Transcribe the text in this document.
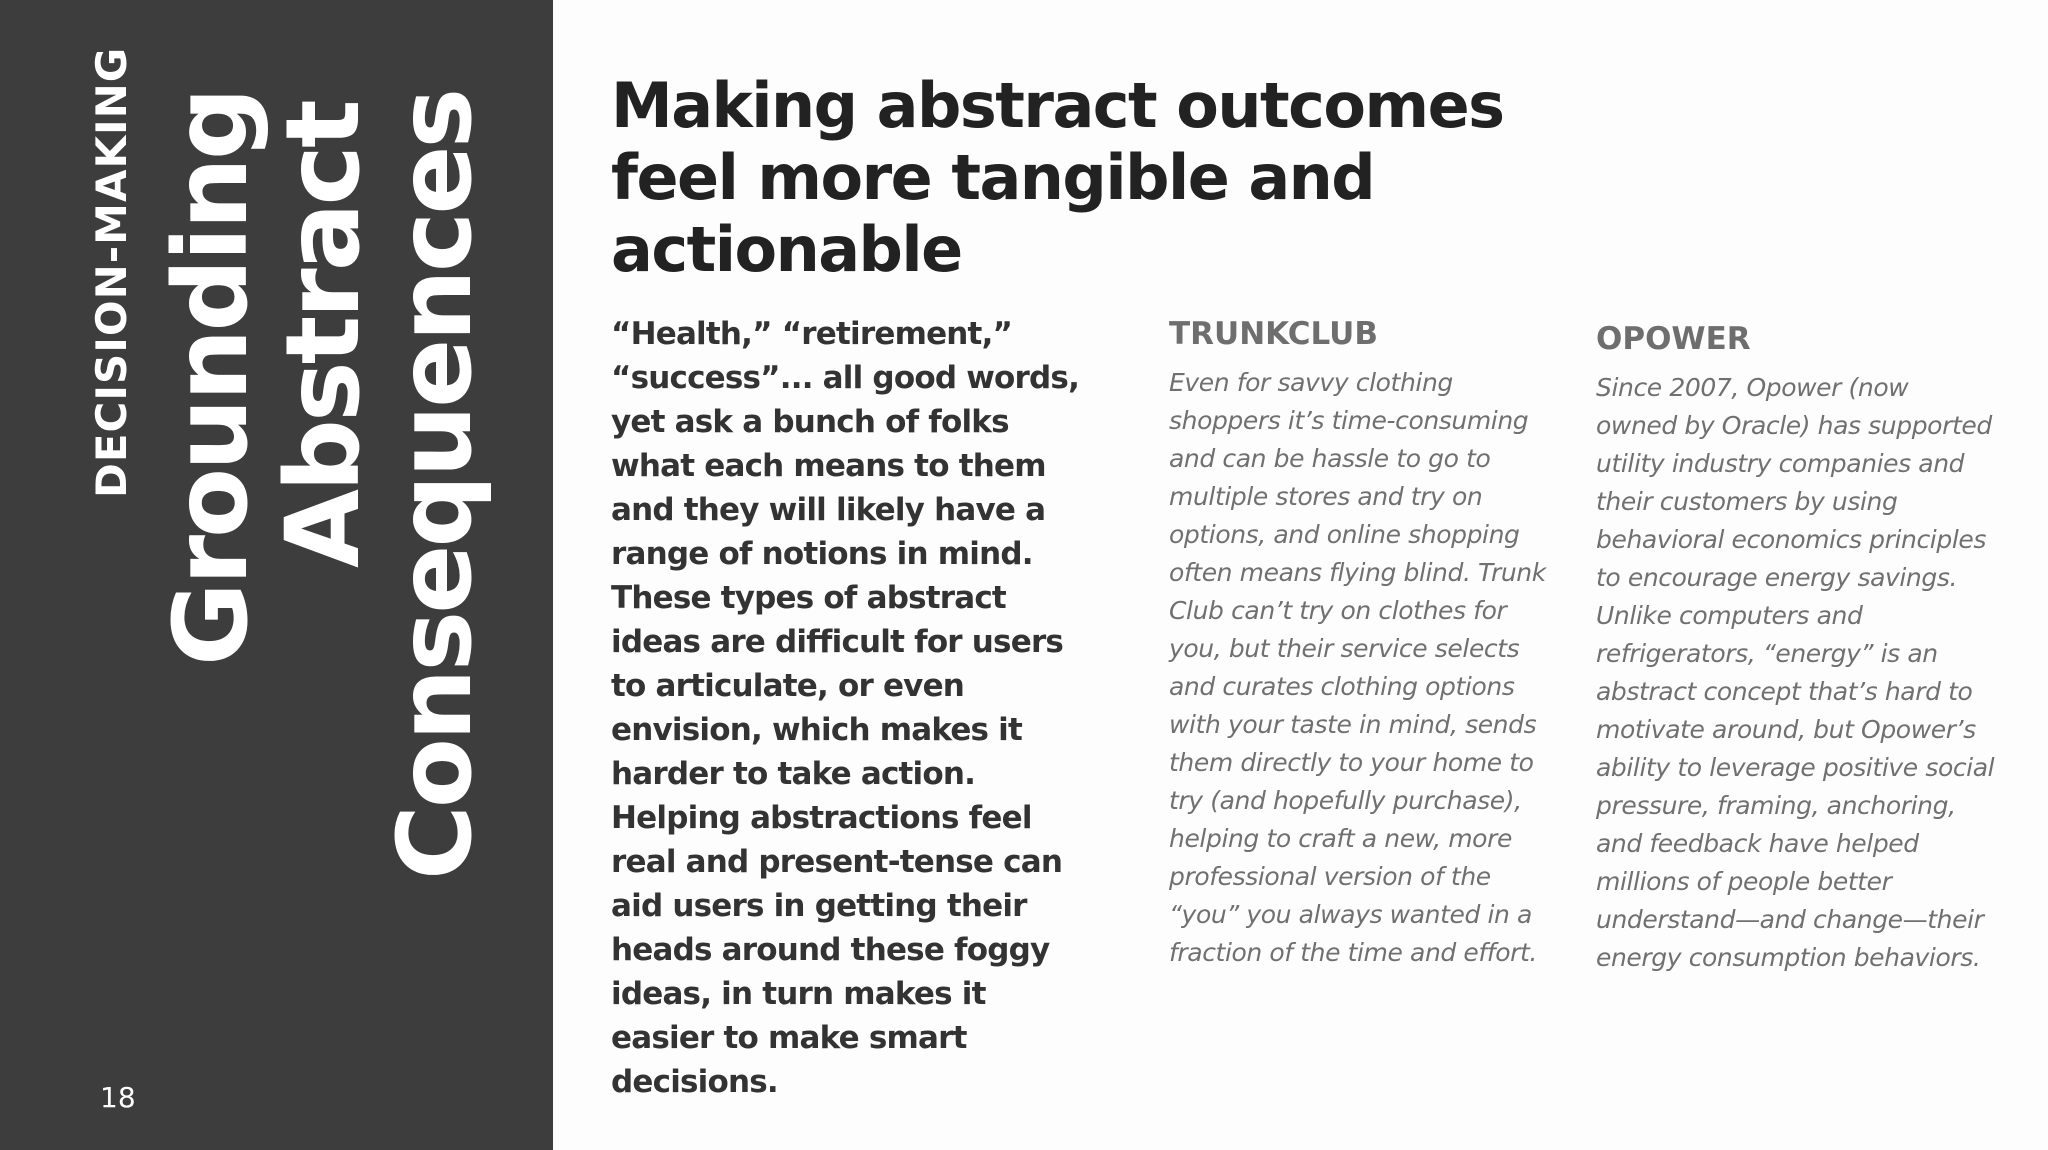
DECISION-MAKING Grounding
Abstract
Consequences
18
Making abstract outcomes feel more tangible and actionable
“Health,” “retirement,” “success”... all good words, yet ask a bunch of folks what each means to them and they will likely have a range of notions in mind. These types of abstract ideas are difficult for users to articulate, or even envision, which makes it harder to take action. Helping abstractions feel real and present-tense can aid users in getting their heads around these foggy ideas, in turn makes it easier to make smart decisions.
TRUNKCLUB
Even for savvy clothing shoppers it’s time-consuming and can be hassle to go to multiple stores and try on options, and online shopping often means flying blind. Trunk Club can’t try on clothes for you, but their service selects and curates clothing options with your taste in mind, sends them directly to your home to try (and hopefully purchase), helping to craft a new, more professional version of the “you” you always wanted in a fraction of the time and effort.
OPOWER
Since 2007, Opower (now owned by Oracle) has supported utility industry companies and their customers by using behavioral economics principles to encourage energy savings. Unlike computers and refrigerators, “energy” is an abstract concept that’s hard to motivate around, but Opower’s ability to leverage positive social pressure, framing, anchoring, and feedback have helped millions of people better understand—and change—their energy consumption behaviors.
